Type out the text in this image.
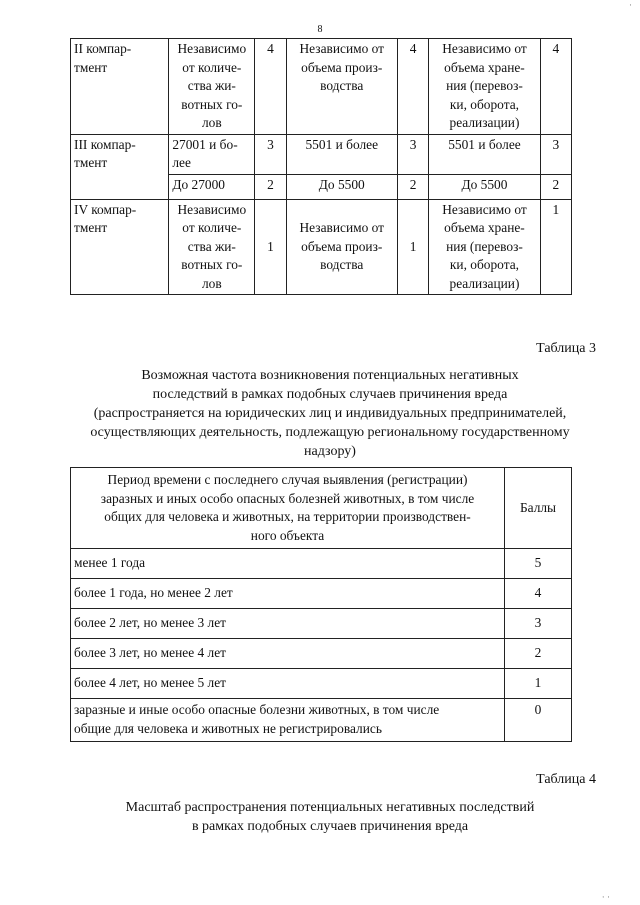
·
8
II компар-
тмент	Независимо
от количе-
ства жи-
вотных го-
лов	4	Независимо от
объема произ-
водства	4	Независимо от
объема хране-
ния (перевоз-
ки, оборота,
реализации)	4
III компар-
тмент	27001 и бо-
лее	3	5501 и более	3	5501 и более	3
	До 27000	2	До 5500	2	До 5500	2
IV компар-
тмент	Независимо
от количе-
ства жи-
вотных го-
лов	1	Независимо от
объема произ-
водства	1	Независимо от
объема хране-
ния (перевоз-
ки, оборота,
реализации)	1
Таблица 3
Возможная частота возникновения потенциальных негативных
последствий в рамках подобных случаев причинения вреда
(распространяется на юридических лиц и индивидуальных предпринимателей,
осуществляющих деятельность, подлежащую региональному государственному
надзору)
Период времени с последнего случая выявления (регистрации)
заразных и иных особо опасных болезней животных, в том числе
общих для человека и животных, на территории производствен-
ного объекта	Баллы
менее 1 года	5
более 1 года, но менее 2 лет	4
более 2 лет, но менее 3 лет	3
более 3 лет, но менее 4 лет	2
более 4 лет, но менее 5 лет	1
заразные и иные особо опасные болезни животных, в том числе
общие для человека и животных не регистрировались	0
Таблица 4
Масштаб распространения потенциальных негативных последствий
в рамках подобных случаев причинения вреда
· ·
